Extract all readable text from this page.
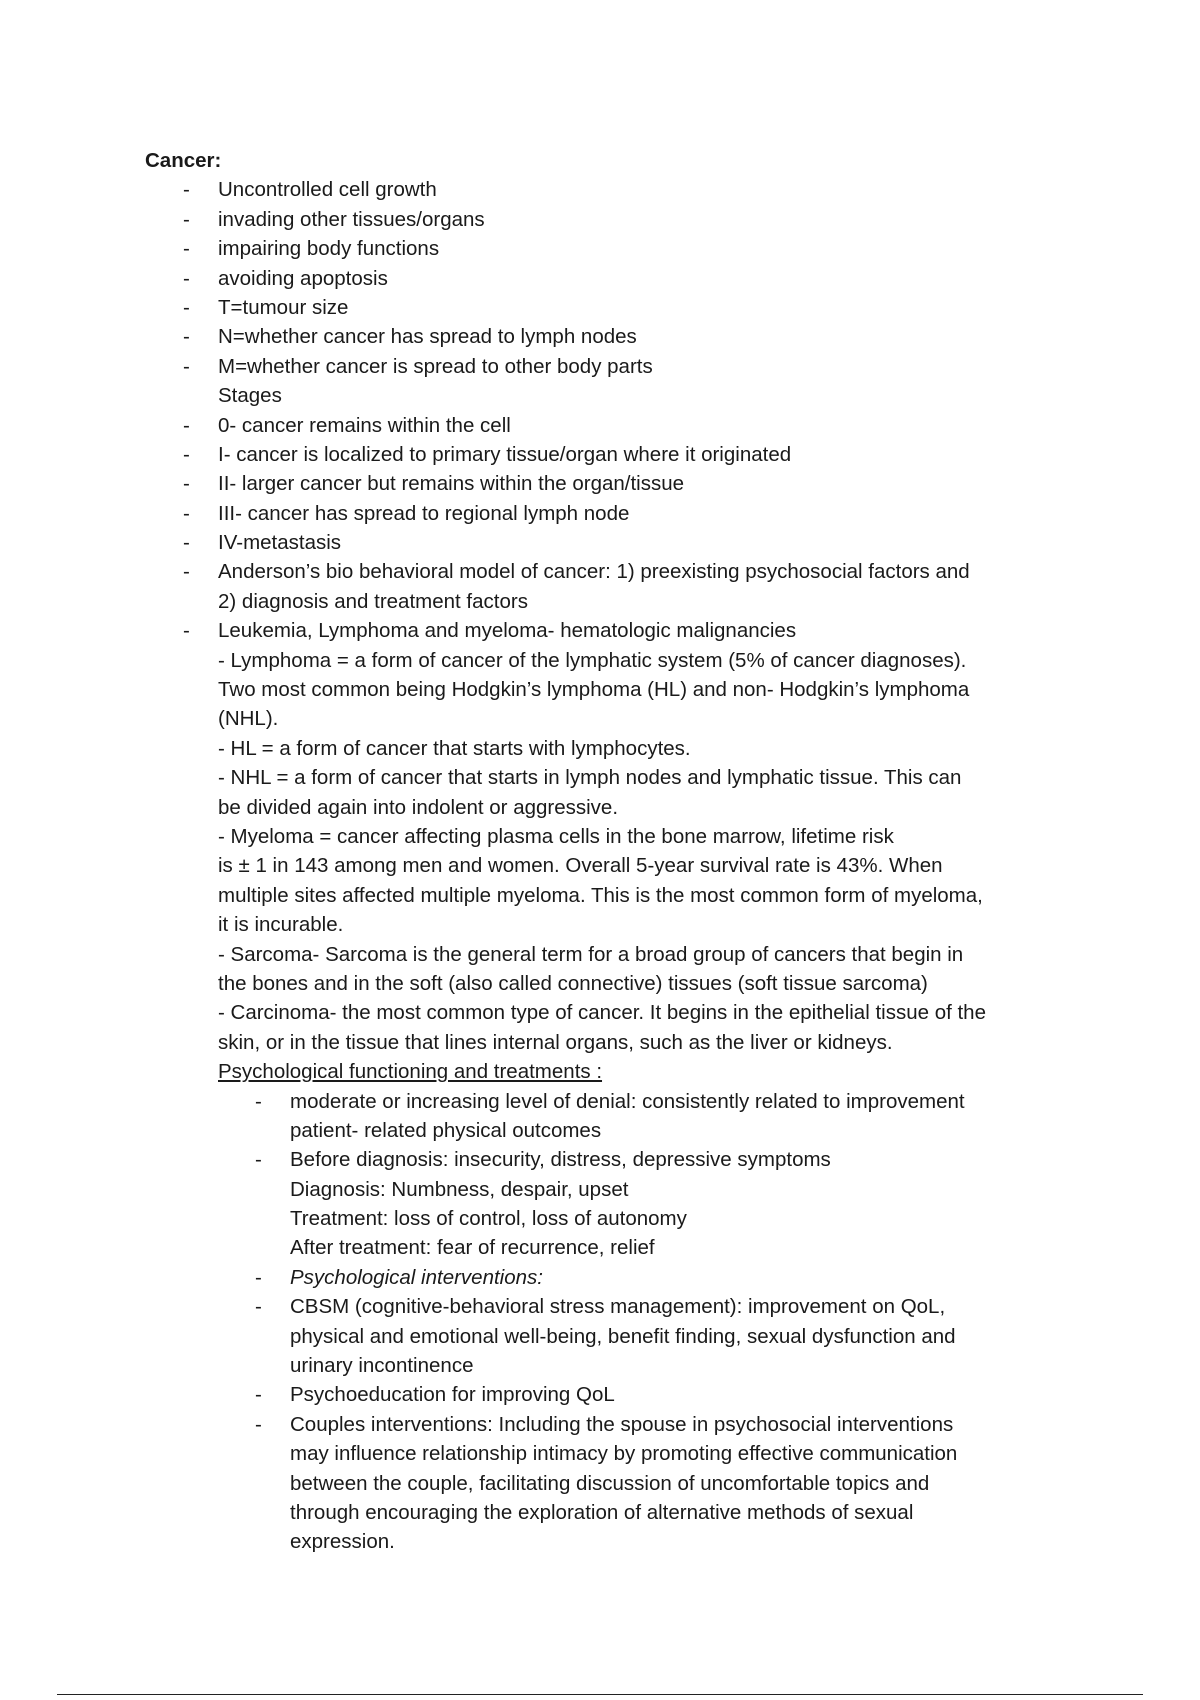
Cancer:
- Uncontrolled cell growth
- invading other tissues/organs
- impairing body functions
- avoiding apoptosis
- T=tumour size
- N=whether cancer has spread to lymph nodes
- M=whether cancer is spread to other body parts
Stages
- 0- cancer remains within the cell
- I- cancer is localized to primary tissue/organ where it originated
- II- larger cancer but remains within the organ/tissue
- III- cancer has spread to regional lymph node
- IV-metastasis
- Anderson’s bio behavioral model of cancer: 1) preexisting psychosocial factors and
2) diagnosis and treatment factors
- Leukemia, Lymphoma and myeloma- hematologic malignancies
- Lymphoma = a form of cancer of the lymphatic system (5% of cancer diagnoses).
Two most common being Hodgkin’s lymphoma (HL) and non- Hodgkin’s lymphoma
(NHL).
- HL = a form of cancer that starts with lymphocytes.
- NHL = a form of cancer that starts in lymph nodes and lymphatic tissue. This can
be divided again into indolent or aggressive.
- Myeloma = cancer affecting plasma cells in the bone marrow, lifetime risk
is ± 1 in 143 among men and women. Overall 5-year survival rate is 43%. When
multiple sites affected multiple myeloma. This is the most common form of myeloma,
it is incurable.
- Sarcoma- Sarcoma is the general term for a broad group of cancers that begin in
the bones and in the soft (also called connective) tissues (soft tissue sarcoma)
- Carcinoma- the most common type of cancer. It begins in the epithelial tissue of the
skin, or in the tissue that lines internal organs, such as the liver or kidneys.
Psychological functioning and treatments :
- moderate or increasing level of denial: consistently related to improvement
patient- related physical outcomes
- Before diagnosis: insecurity, distress, depressive symptoms
Diagnosis: Numbness, despair, upset
Treatment: loss of control, loss of autonomy
After treatment: fear of recurrence, relief
- Psychological interventions:
- CBSM (cognitive-behavioral stress management): improvement on QoL,
physical and emotional well-being, benefit finding, sexual dysfunction and
urinary incontinence
- Psychoeducation for improving QoL
- Couples interventions: Including the spouse in psychosocial interventions
may influence relationship intimacy by promoting effective communication
between the couple, facilitating discussion of uncomfortable topics and
through encouraging the exploration of alternative methods of sexual
expression.
